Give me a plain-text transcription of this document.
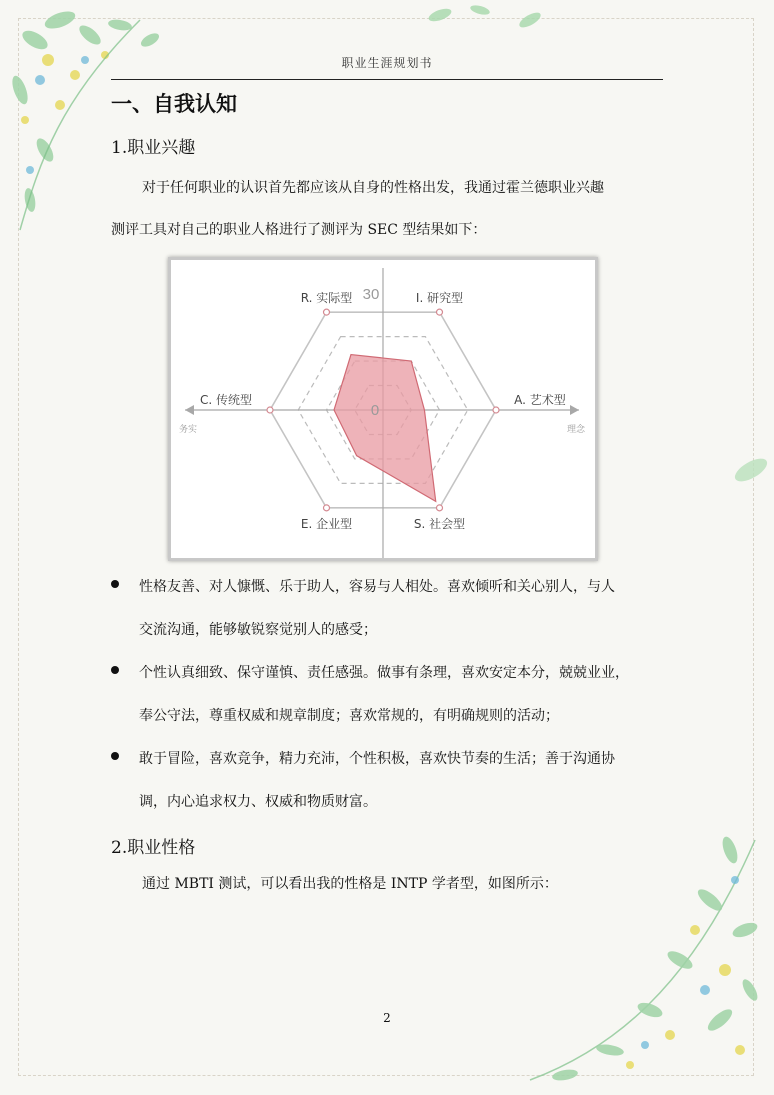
职业生涯规划书
一、自我认知
1.职业兴趣
对于任何职业的认识首先都应该从自身的性格出发，我通过霍兰德职业兴趣
测评工具对自己的职业人格进行了测评为 SEC 型结果如下：
30
0
R. 实际型	I. 研究型
A. 艺术型
S. 社会型
E. 企业型
C. 传统型
务实	理念
性格友善、对人慷慨、乐于助人，容易与人相处。喜欢倾听和关心别人，与人
交流沟通，能够敏锐察觉别人的感受；
个性认真细致、保守谨慎、责任感强。做事有条理，喜欢安定本分，兢兢业业，
奉公守法，尊重权威和规章制度；喜欢常规的，有明确规则的活动；
敢于冒险，喜欢竞争，精力充沛，个性积极，喜欢快节奏的生活；善于沟通协
调，内心追求权力、权威和物质财富。
2.职业性格
通过 MBTI 测试，可以看出我的性格是 INTP 学者型，如图所示：
2
